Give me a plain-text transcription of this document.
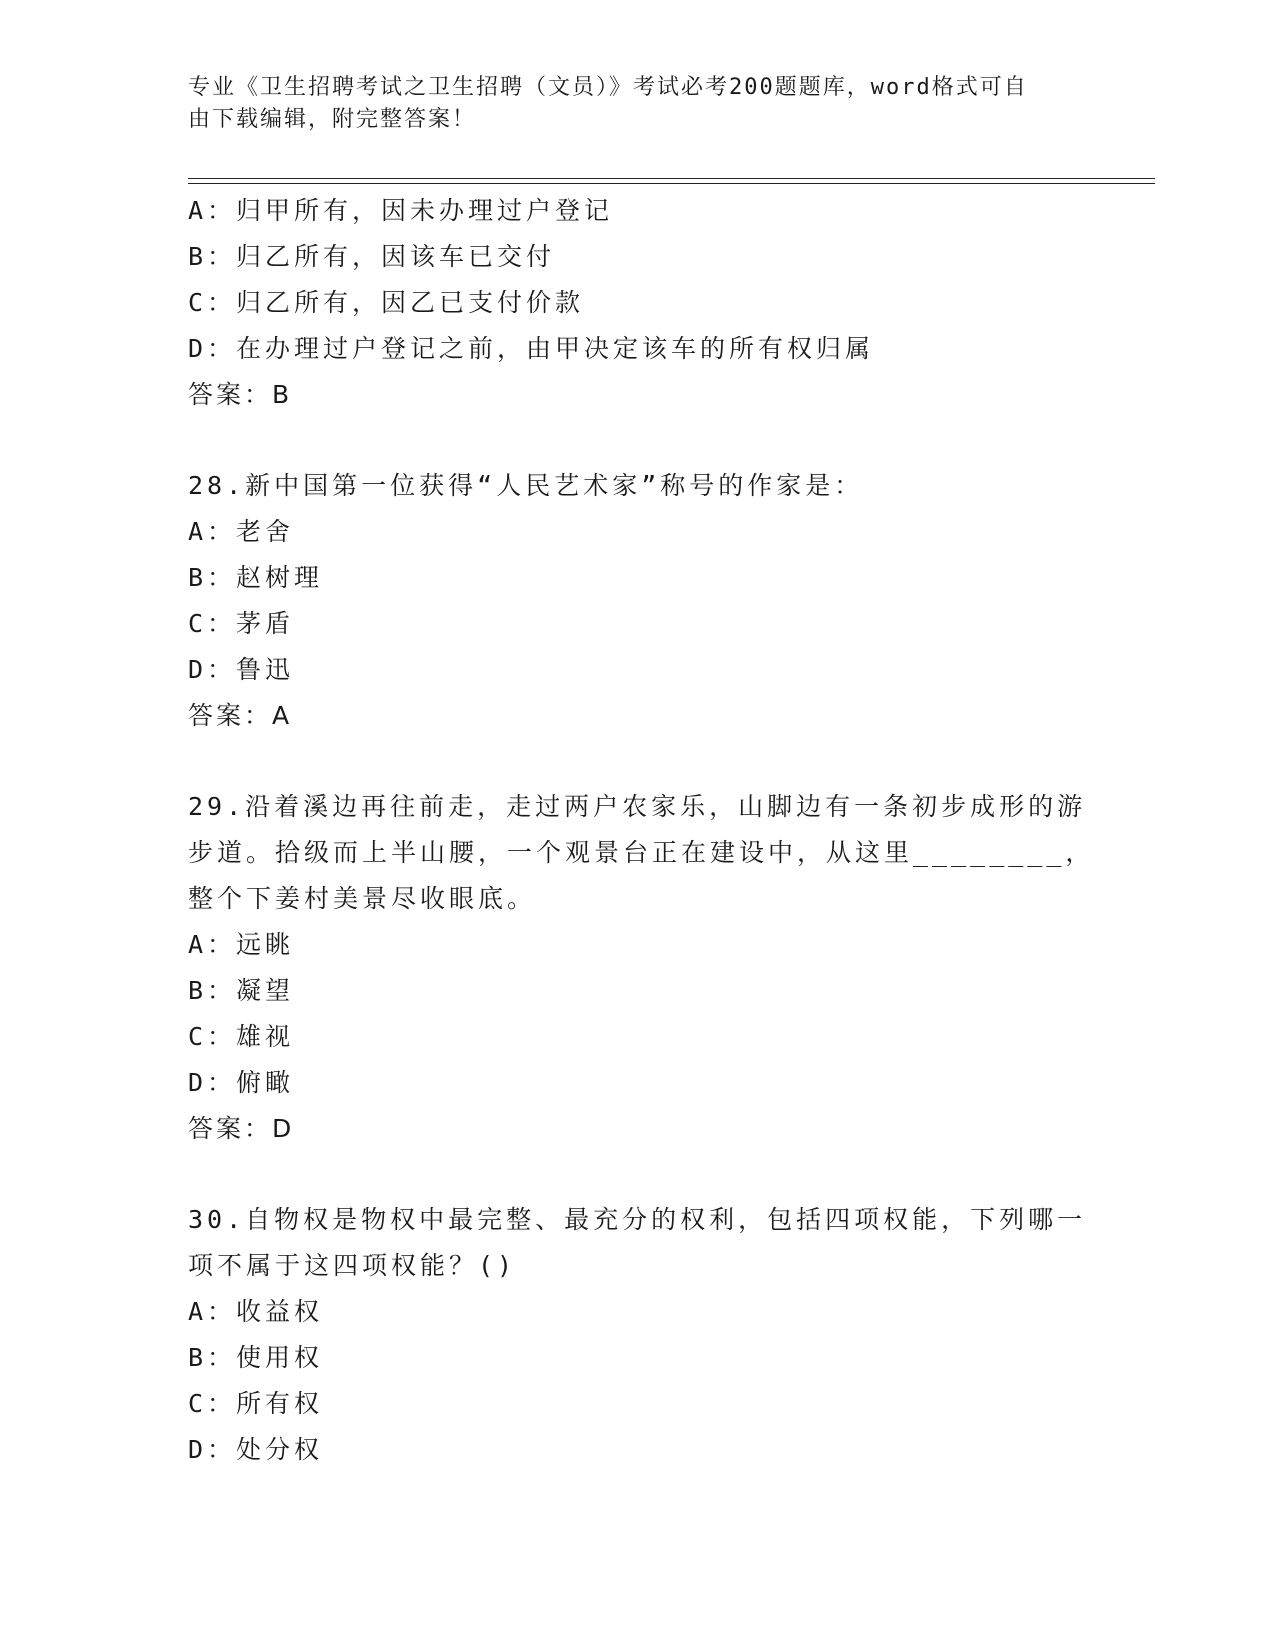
专业《卫生招聘考试之卫生招聘（文员）》考试必考200题题库，word格式可自
由下载编辑，附完整答案！
A：归甲所有，因未办理过户登记
B：归乙所有，因该车已交付
C：归乙所有，因乙已支付价款
D：在办理过户登记之前，由甲决定该车的所有权归属
答案：B
28.新中国第一位获得“人民艺术家”称号的作家是：
A：老舍
B：赵树理
C：茅盾
D：鲁迅
答案：A
29.沿着溪边再往前走，走过两户农家乐，山脚边有一条初步成形的游
步道。拾级而上半山腰，一个观景台正在建设中，从这里________，
整个下姜村美景尽收眼底。
A：远眺
B：凝望
C：雄视
D：俯瞰
答案：D
30.自物权是物权中最完整、最充分的权利，包括四项权能，下列哪一
项不属于这四项权能？()
A：收益权
B：使用权
C：所有权
D：处分权
